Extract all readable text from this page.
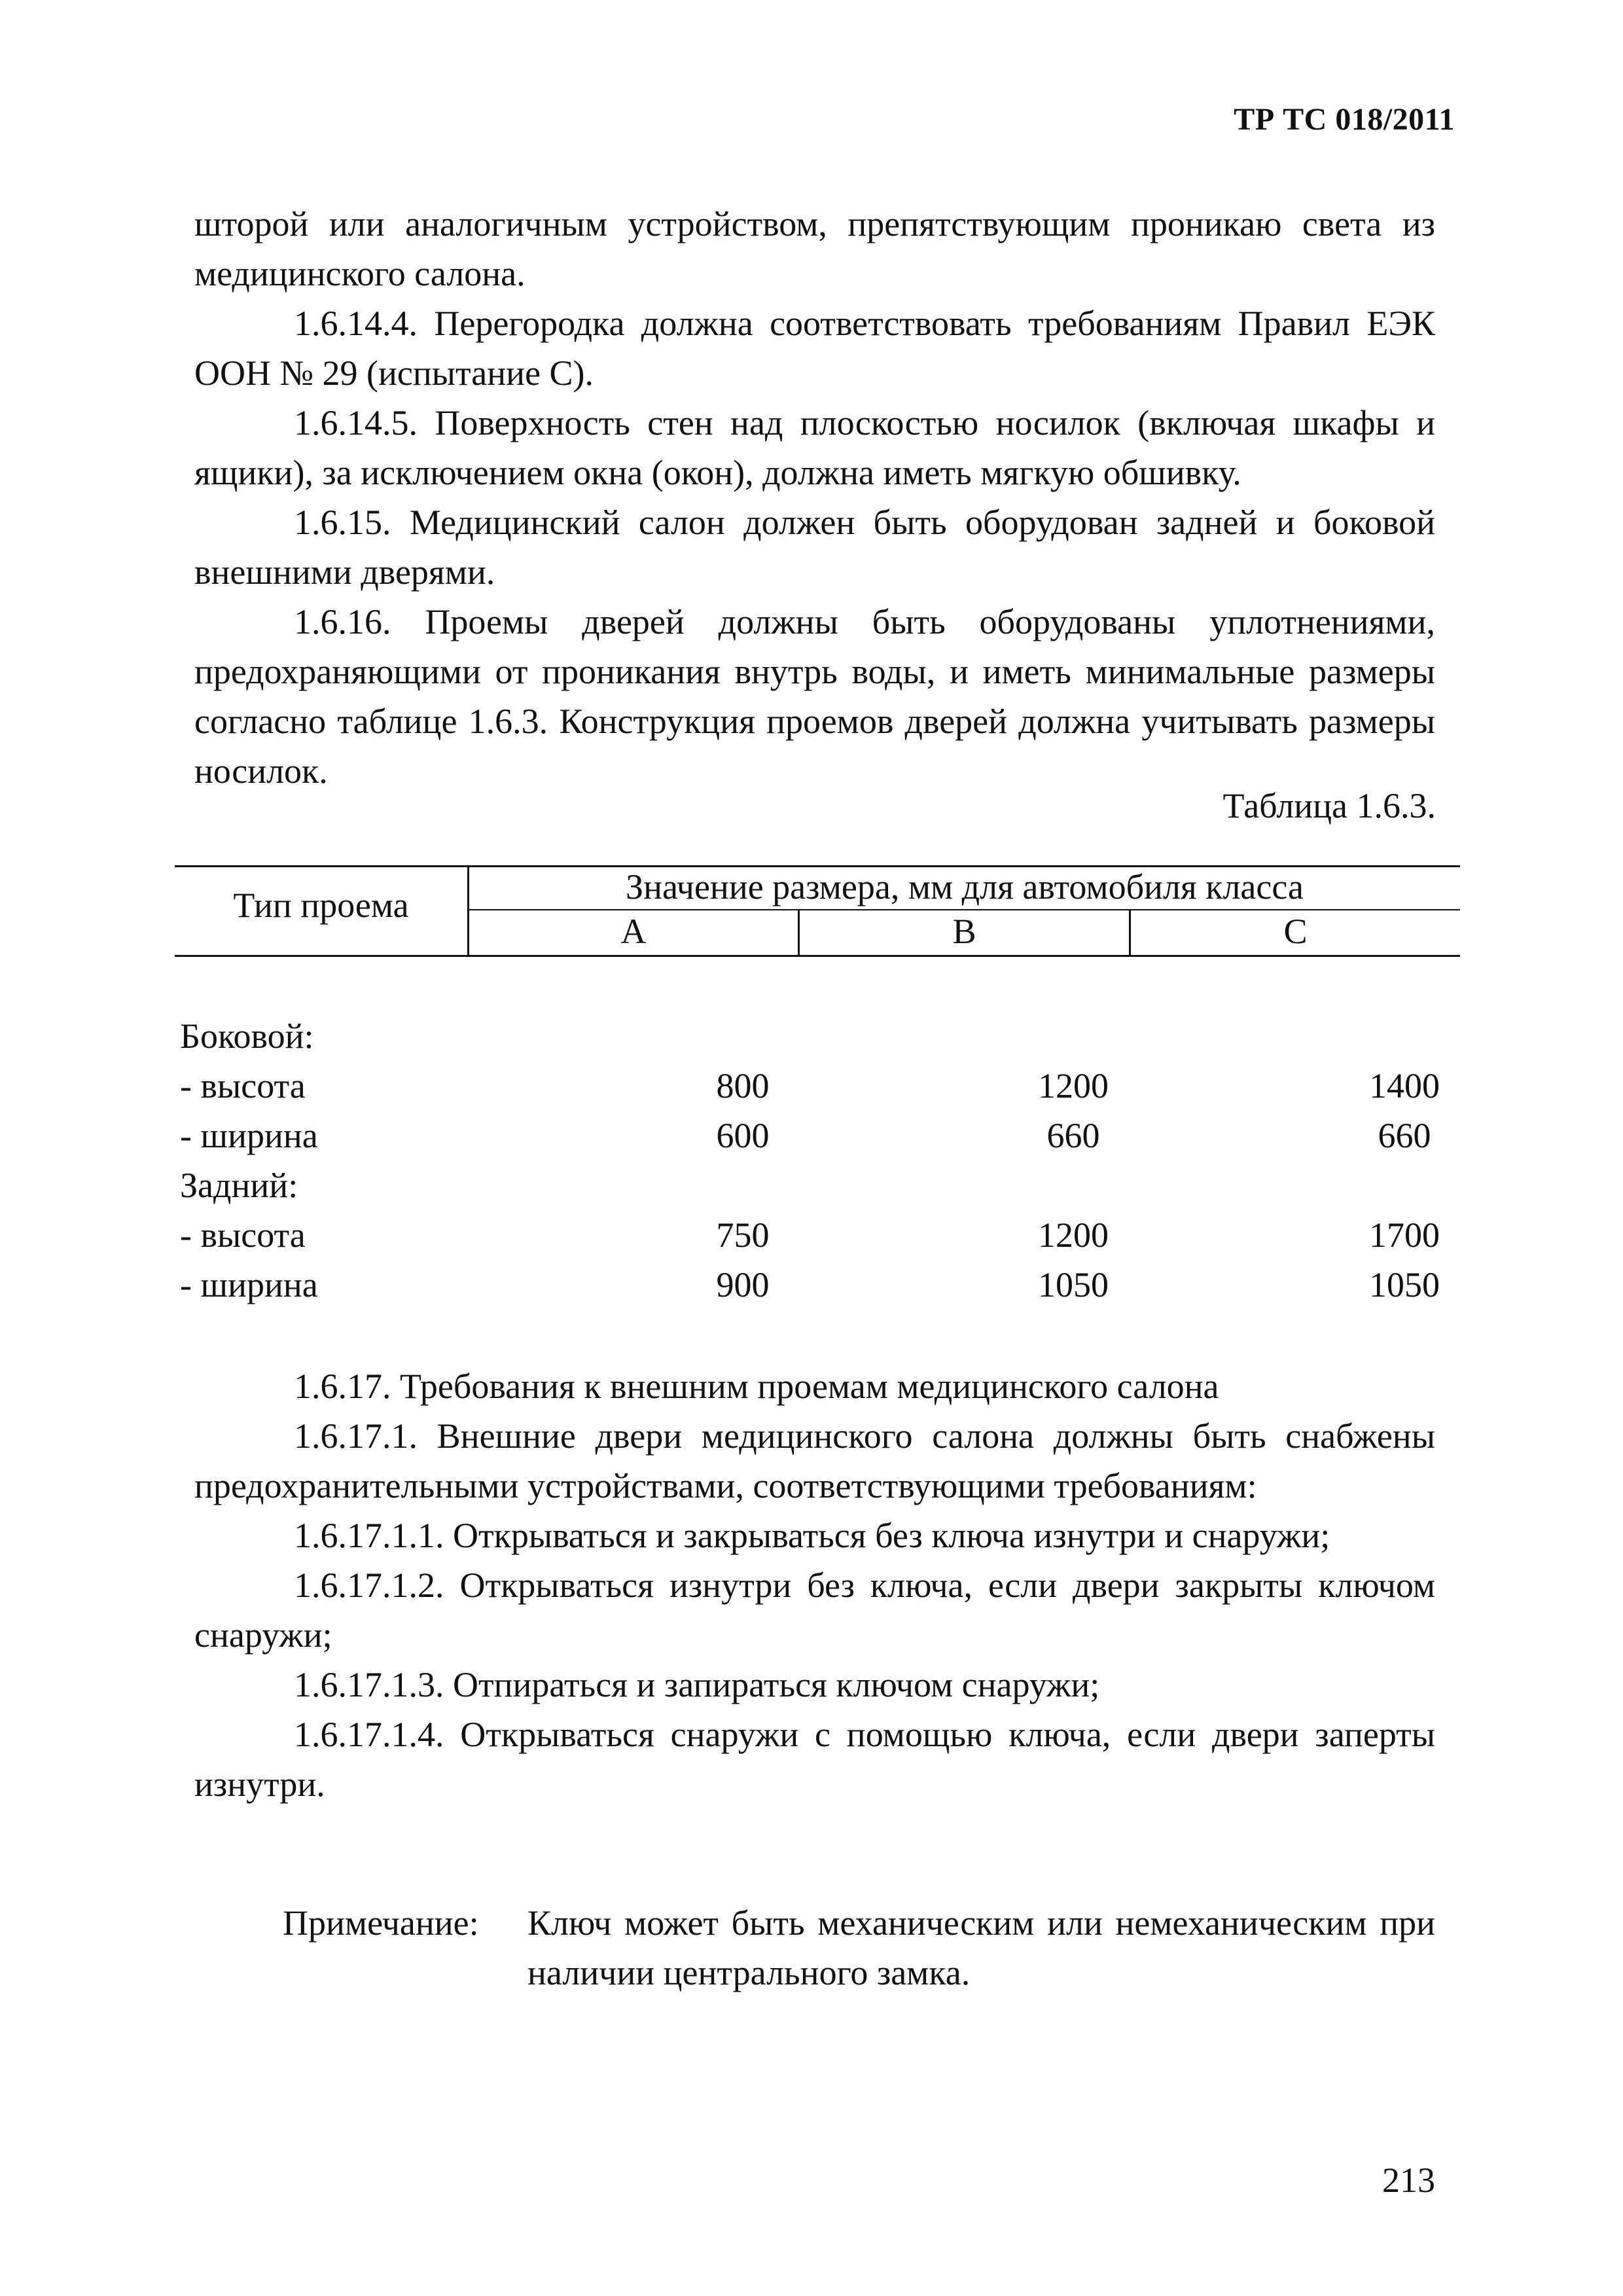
ТР ТС 018/2011

шторой или аналогичным устройством, препятствующим проникаю света из медицинского салона.

1.6.14.4. Перегородка должна соответствовать требованиям Правил ЕЭК ООН № 29 (испытание С).

1.6.14.5. Поверхность стен над плоскостью носилок (включая шкафы и ящики), за исключением окна (окон), должна иметь мягкую обшивку.

1.6.15. Медицинский салон должен быть оборудован задней и боковой внешними дверями.

1.6.16. Проемы дверей должны быть оборудованы уплотнениями, предохраняющими от проникания внутрь воды, и иметь минимальные размеры согласно таблице 1.6.3. Конструкция проемов дверей должна учитывать размеры носилок.

Таблица 1.6.3.
Тип проема	Значение размера, мм для автомобиля класса
A	B	C
Боковой:
- высота	800	1200	1400
- ширина	600	660	660
Задний:
- высота	750	1200	1700
- ширина	900	1050	1050

1.6.17. Требования к внешним проемам медицинского салона

1.6.17.1. Внешние двери медицинского салона должны быть снабжены предохранительными устройствами, соответствующими требованиям:

1.6.17.1.1. Открываться и закрываться без ключа изнутри и снаружи;

1.6.17.1.2. Открываться изнутри без ключа, если двери закрыты ключом снаружи;

1.6.17.1.3. Отпираться и запираться ключом снаружи;

1.6.17.1.4. Открываться снаружи с помощью ключа, если двери заперты изнутри.

Примечание: Ключ может быть механическим или немеханическим при наличии центрального замка.

213
